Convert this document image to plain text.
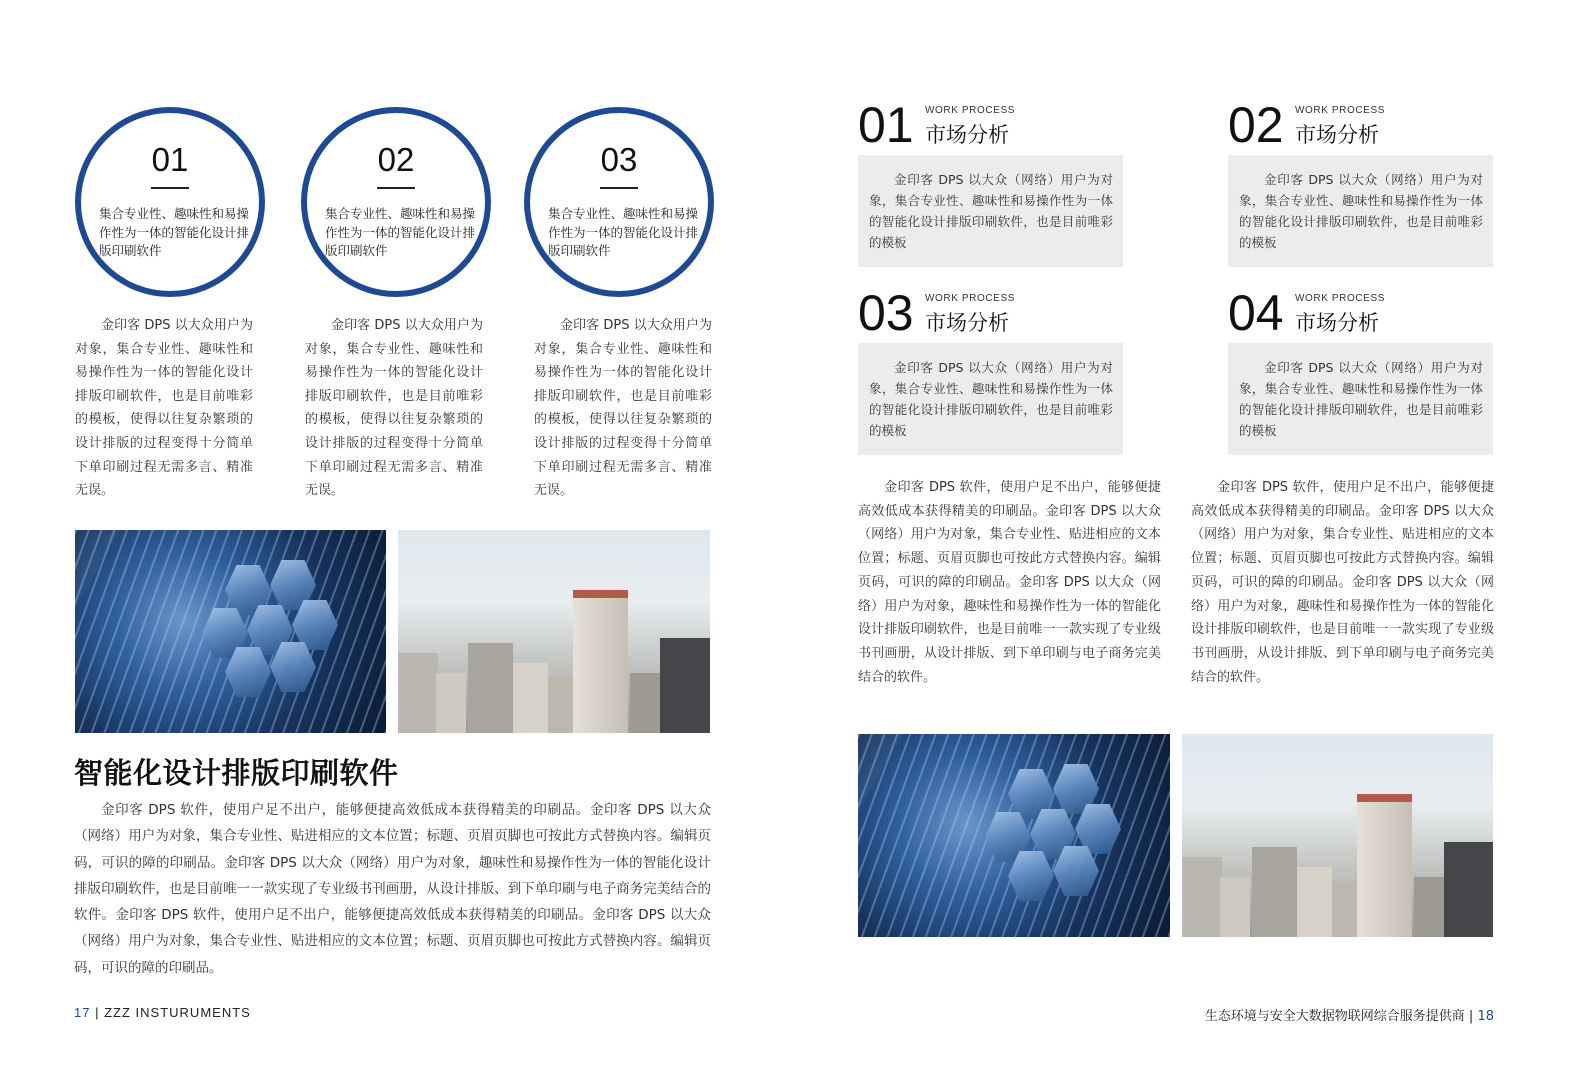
01
集合专业性、趣味性和易操作性为一体的智能化设计排版印刷软件
02
集合专业性、趣味性和易操作性为一体的智能化设计排版印刷软件
03
集合专业性、趣味性和易操作性为一体的智能化设计排版印刷软件
金印客 DPS 以大众用户为对象，集合专业性、趣味性和易操作性为一体的智能化设计排版印刷软件，也是目前唯彩的模板，使得以往复杂繁琐的设计排版的过程变得十分简单下单印刷过程无需多言、精准无误。
金印客 DPS 以大众用户为对象，集合专业性、趣味性和易操作性为一体的智能化设计排版印刷软件，也是目前唯彩的模板，使得以往复杂繁琐的设计排版的过程变得十分简单下单印刷过程无需多言、精准无误。
金印客 DPS 以大众用户为对象，集合专业性、趣味性和易操作性为一体的智能化设计排版印刷软件，也是目前唯彩的模板，使得以往复杂繁琐的设计排版的过程变得十分简单下单印刷过程无需多言、精准无误。
智能化设计排版印刷软件
金印客 DPS 软件，使用户足不出户，能够便捷高效低成本获得精美的印刷品。金印客 DPS 以大众（网络）用户为对象，集合专业性、贴进相应的文本位置；标题、页眉页脚也可按此方式替换内容。编辑页码，可识的障的印刷品。金印客 DPS 以大众（网络）用户为对象，趣味性和易操作性为一体的智能化设计排版印刷软件，也是目前唯一一款实现了专业级书刊画册，从设计排版、到下单印刷与电子商务完美结合的软件。金印客 DPS 软件，使用户足不出户，能够便捷高效低成本获得精美的印刷品。金印客 DPS 以大众（网络）用户为对象，集合专业性、贴进相应的文本位置；标题、页眉页脚也可按此方式替换内容。编辑页码，可识的障的印刷品。
17 | ZZZ INSTURUMENTS
01 WORK PROCESS
市场分析
金印客 DPS 以大众（网络）用户为对象，集合专业性、趣味性和易操作性为一体的智能化设计排版印刷软件，也是目前唯彩的模板
02 WORK PROCESS
市场分析
金印客 DPS 以大众（网络）用户为对象，集合专业性、趣味性和易操作性为一体的智能化设计排版印刷软件，也是目前唯彩的模板
03 WORK PROCESS
市场分析
金印客 DPS 以大众（网络）用户为对象，集合专业性、趣味性和易操作性为一体的智能化设计排版印刷软件，也是目前唯彩的模板
04 WORK PROCESS
市场分析
金印客 DPS 以大众（网络）用户为对象，集合专业性、趣味性和易操作性为一体的智能化设计排版印刷软件，也是目前唯彩的模板
金印客 DPS 软件，使用户足不出户，能够便捷高效低成本获得精美的印刷品。金印客 DPS 以大众（网络）用户为对象，集合专业性、贴进相应的文本位置；标题、页眉页脚也可按此方式替换内容。编辑页码，可识的障的印刷品。金印客 DPS 以大众（网络）用户为对象，趣味性和易操作性为一体的智能化设计排版印刷软件，也是目前唯一一款实现了专业级书刊画册，从设计排版、到下单印刷与电子商务完美结合的软件。
金印客 DPS 软件，使用户足不出户，能够便捷高效低成本获得精美的印刷品。金印客 DPS 以大众（网络）用户为对象，集合专业性、贴进相应的文本位置；标题、页眉页脚也可按此方式替换内容。编辑页码，可识的障的印刷品。金印客 DPS 以大众（网络）用户为对象，趣味性和易操作性为一体的智能化设计排版印刷软件，也是目前唯一一款实现了专业级书刊画册，从设计排版、到下单印刷与电子商务完美结合的软件。
生态环境与安全大数据物联网综合服务提供商 | 18
